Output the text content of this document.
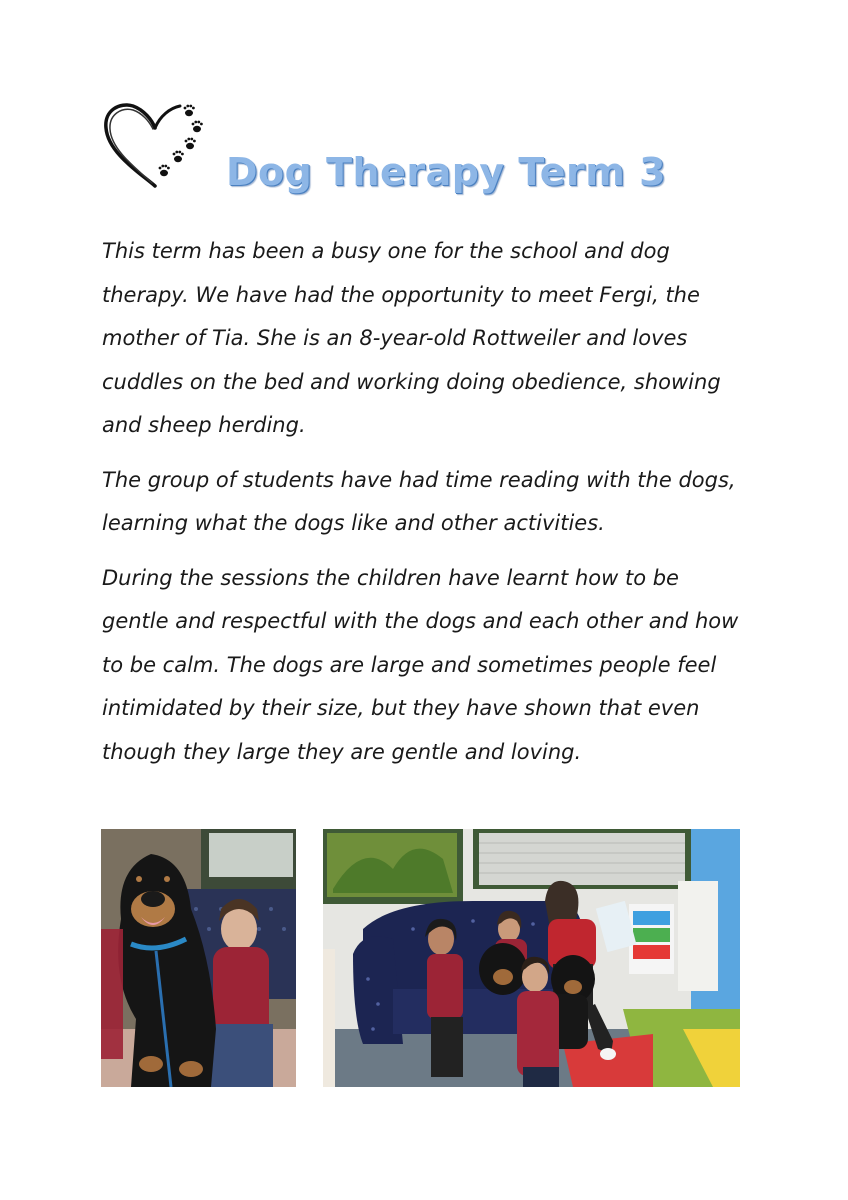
Dog Therapy Term 3

This term has been a busy one for the school and dog therapy. We have had the opportunity to meet Fergi, the mother of Tia. She is an 8-year-old Rottweiler and loves cuddles on the bed and working doing obedience, showing and sheep herding.

The group of students have had time reading with the dogs, learning what the dogs like and other activities.

During the sessions the children have learnt how to be gentle and respectful with the dogs and each other and how to be calm. The dogs are large and sometimes people feel intimidated by their size, but they have shown that even though they large they are gentle and loving.
